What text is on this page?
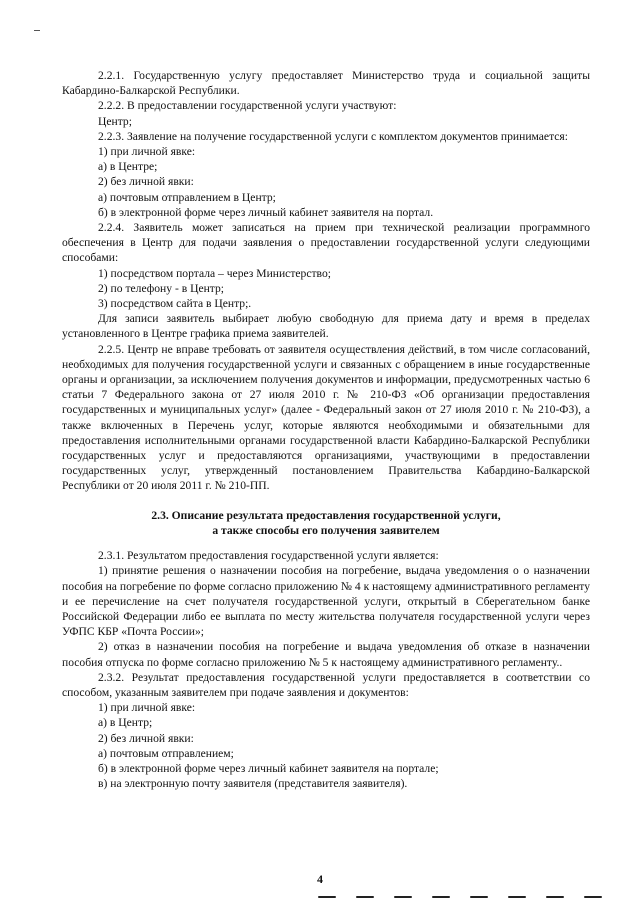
2.2.1. Государственную услугу предоставляет Министерство труда и социальной защиты Кабардино-Балкарской Республики.

2.2.2. В предоставлении государственной услуги участвуют:

Центр;

2.2.3. Заявление на получение государственной услуги с комплектом документов принимается:

1) при личной явке:

а) в Центре;

2) без личной явки:

а) почтовым отправлением в Центр;

б) в электронной форме через личный кабинет заявителя на портал.

2.2.4. Заявитель может записаться на прием при технической реализации программного обеспечения в Центр для подачи заявления о предоставлении государственной услуги следующими способами:

1) посредством портала – через Министерство;

2) по телефону - в Центр;

3) посредством сайта в Центр;.

Для записи заявитель выбирает любую свободную для приема дату и время в пределах установленного в Центре графика приема заявителей.

2.2.5. Центр не вправе требовать от заявителя осуществления действий, в том числе согласований, необходимых для получения государственной услуги и связанных с обращением в иные государственные органы и организации, за исключением получения документов и информации, предусмотренных частью 6 статьи 7 Федерального закона от 27 июля 2010 г. № 210-ФЗ «Об организации предоставления государственных и муниципальных услуг» (далее - Федеральный закон от 27 июля 2010 г. № 210-ФЗ), а также включенных в Перечень услуг, которые являются необходимыми и обязательными для предоставления исполнительными органами государственной власти Кабардино-Балкарской Республики государственных услуг и предоставляются организациями, участвующими в предоставлении государственных услуг, утвержденный постановлением Правительства Кабардино-Балкарской Республики от 20 июля 2011 г. № 210-ПП.

2.3. Описание результата предоставления государственной услуги,

а также способы его получения заявителем

2.3.1. Результатом предоставления государственной услуги является:

1) принятие решения о назначении пособия на погребение, выдача уведомления о о назначении пособия на погребение по форме согласно приложению № 4 к настоящему административного регламенту и ее перечисление на счет получателя государственной услуги, открытый в Сберегательном банке Российской Федерации либо ее выплата по месту жительства получателя государственной услуги через УФПС КБР «Почта России»;

2) отказ в назначении пособия на погребение и выдача уведомления об отказе в назначении пособия отпуска по форме согласно приложению № 5 к настоящему административного регламенту..

2.3.2. Результат предоставления государственной услуги предоставляется в соответствии со способом, указанным заявителем при подаче заявления и документов:

1) при личной явке:

а) в Центр;

2) без личной явки:

а) почтовым отправлением;

б) в электронной форме через личный кабинет заявителя на портале;

в) на электронную почту заявителя (представителя заявителя).

4
